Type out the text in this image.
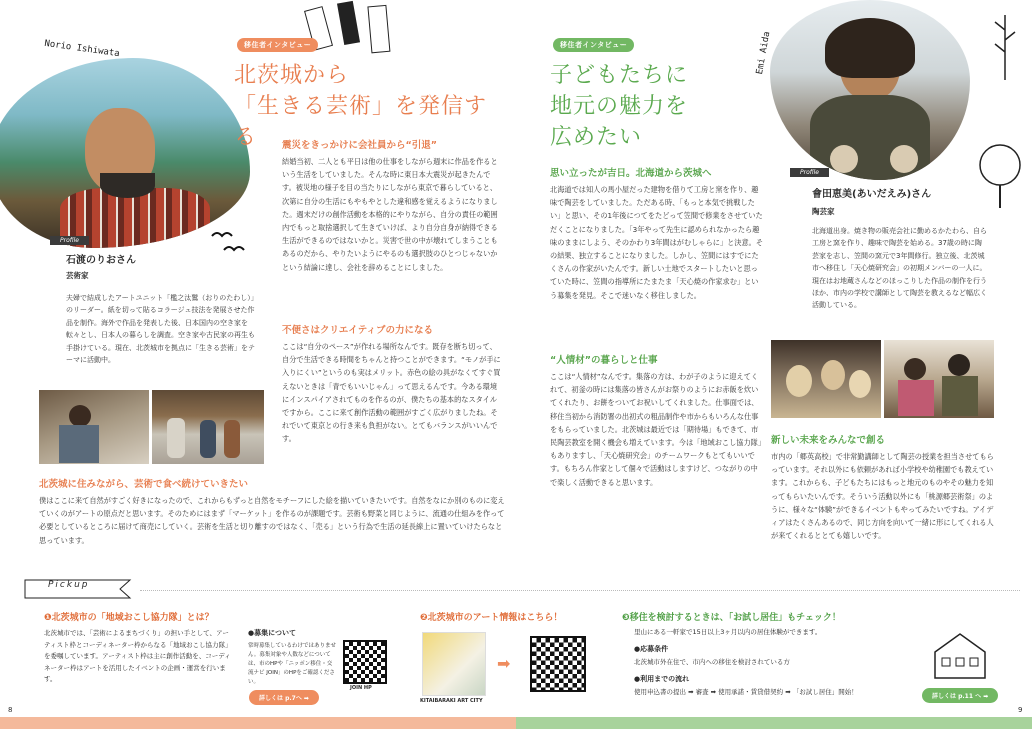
Norio Ishiwata	移住者インタビュー
北茨城から
「生きる芸術」を発信する
Profile
石渡のりおさん
芸術家
夫婦で結成したアートユニット「檻之汰鷲（おりのたわし）」のリーダー。紙を切って貼るコラージュ技法を発展させた作品を制作。海外で作品を発表した後、日本国内の空き家を転々とし、日本人の暮らしを調査。空き家や古民家の再生も手掛けている。現在、北茨城市を拠点に「生きる芸術」をテーマに活動中。
震災をきっかけに会社員から“引退”
結婚当初、二人とも平日は他の仕事をしながら週末に作品を作るという生活をしていました。そんな時に東日本大震災が起きたんです。被災地の様子を目の当たりにしながら東京で暮らしていると、次第に自分の生活にもやもやとした違和感を覚えるようになりました。週末だけの創作活動を本格的にやりながら、自分の責任の範囲内でもっと取捨選択して生きていけば、より自分自身が納得できる生活ができるのではないかと。災害で世の中が壊れてしまうこともあるのだから、やりたいようにやるのも選択肢のひとつじゃないかという結論に達し、会社を辞めることにしました。
不便さはクリエイティブの力になる
ここは“自分のペース”が作れる場所なんです。既存を断ち切って、自分で生活できる時間をちゃんと持つことができます。“モノが手に入りにくい”というのも実はメリット。赤色の絵の具がなくてすぐ買えないときは「青でもいいじゃん」って思えるんです。今ある環境にインスパイアされてものを作るのが、僕たちの基本的なスタイルですから。ここに来て創作活動の範囲がすごく広がりましたね。それでいて東京との行き来も負担がない。とてもバランスがいいんです。
北茨城に住みながら、芸術で食べ続けていきたい
僕はここに来て自然がすごく好きになったので、これからもずっと自然をモチーフにした絵を描いていきたいです。自然をなにか別のものに変えていくのがアートの原点だと思います。そのためにはまず「マーケット」を作るのが課題です。芸術も野菜と同じように、流通の仕組みを作って必要としているところに届けて商売にしていく。芸術を生活と切り離すのではなく、「売る」という行為で生活の延長線上に置いていけたらなと思っています。
移住者インタビュー
子どもたちに
地元の魅力を
広めたい
Emi Aida
Profile
會田恵美(あいだえみ)さん
陶芸家
北海道出身。焼き物の販売会社に勤めるかたわら、自ら工房と窯を作り、趣味で陶芸を始める。37歳の時に陶芸家を志し、笠間の窯元で3年間修行。独立後、北茨城市へ移住し「天心焼研究会」の初期メンバーの一人に。現在はお地蔵さんなどのほっこりした作品の制作を行うほか、市内の学校で講師として陶芸を教えるなど幅広く活動している。
思い立ったが吉日。北海道から茨城へ
北海道では知人の馬小屋だった建物を借りて工房と窯を作り、趣味で陶芸をしていました。ただある時、「もっと本気で挑戦したい」と思い、その1年後につてをたどって笠間で修業をさせていただくことになりました。「3年やって先生に認められなかったら趣味のままにしよう、そのかわり3年間はがむしゃらに」と決意。その結果、独立することになりました。しかし、笠間にはすでにたくさんの作家がいたんです。新しい土地でスタートしたいと思っていた時に、笠間の指導所にたまたま「天心焼の作家求む」という募集を発見。そこで迷いなく移住しました。
“人情材”の暮らしと仕事
ここは“人情材”なんです。集落の方は、わが子のように迎えてくれて、初釜の時には集落の皆さんがお祭りのようにお赤飯を炊いてくれたり、お餅をついてお祝いしてくれました。仕事面では、移住当初から消防署の出初式の粗品制作や市からもいろんな仕事をもらっていました。北茨城は最近では「期待場」もできて、市民陶芸教室を開く機会も増えています。今は「地域おこし協力隊」もありますし、「天心焼研究会」のチームワークもとてもいいです。もちろん作家として個々で活動はしますけど、つながりの中で楽しく活動できると思います。
新しい未来をみんなで創る
市内の「郷英高校」で非常勤講師として陶芸の授業を担当させてもらっています。それ以外にも依頼があれば小学校や幼稚園でも教えています。これからも、子どもたちにはもっと地元のものやその魅力を知ってもらいたいんです。そういう活動以外にも「桃源郷芸術祭」のように、様々な“体験”ができるイベントもやってみたいですね。アイディアはたくさんあるので、同じ方向を向いて一緒に形にしてくれる人が来てくれるととても嬉しいです。
Pickup
❶北茨城市の「地域おこし協力隊」とは？
北茨城市では、「芸術によるまちづくり」の担い手として、アーティスト枠とコーディネーター枠からなる「地域おこし協力隊」を委嘱しています。アーティスト枠は主に創作活動を、コーディネーター枠はアートを活用したイベントの企画・運営を行います。
●募集について
常時募集しているわけではありません。募集対象や人数などについては、市のHPや「ニッポン移住・交流ナビ JOIN」のHPをご確認ください。
JOIN HP
詳しくは p.7へ ➡
❷北茨城市のアート情報はこちら！
KITAIBARAKI ART CITY
➡
❸移住を検討するときは、「お試し居住」もチェック！
里山にある一軒家で15日以上3ヶ月以内の居住体験ができます。
●応募条件
北茨城市外在住で、市内への移住を検討されている方
●利用までの流れ
使用申込書の提出 ➡ 審査 ➡ 使用承諾・賃貸借契約 ➡ 「お試し居住」開始！
詳しくは p.11 へ ➡
8	9
